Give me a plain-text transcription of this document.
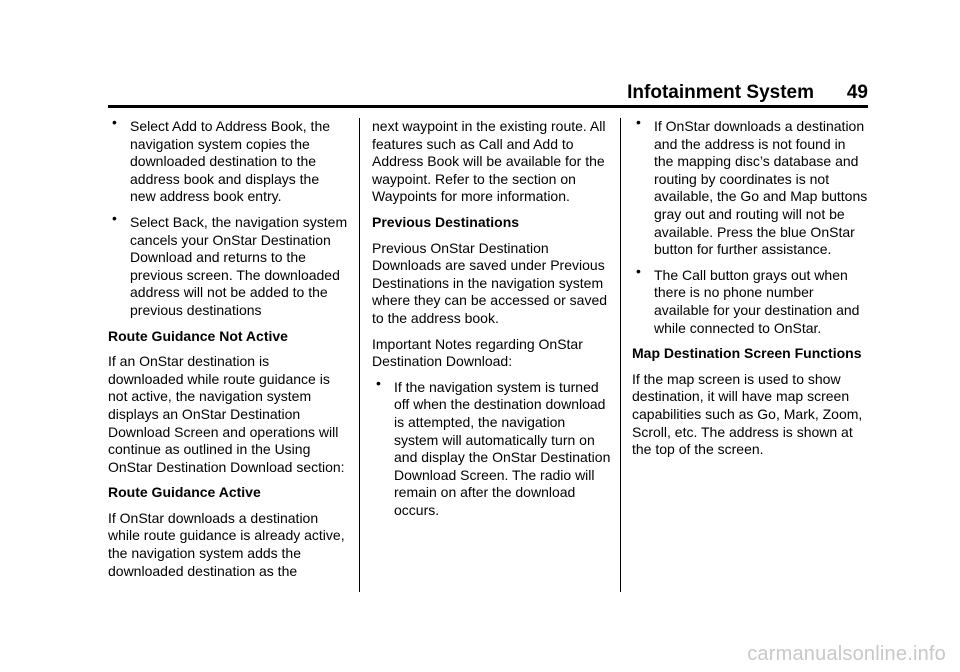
Infotainment System 49
• Select Add to Address Book, the navigation system copies the downloaded destination to the address book and displays the new address book entry.
• Select Back, the navigation system cancels your OnStar Destination Download and returns to the previous screen. The downloaded address will not be added to the previous destinations

Route Guidance Not Active

If an OnStar destination is downloaded while route guidance is not active, the navigation system displays an OnStar Destination Download Screen and operations will continue as outlined in the Using OnStar Destination Download section:

Route Guidance Active

If OnStar downloads a destination while route guidance is already active, the navigation system adds the downloaded destination as the

next waypoint in the existing route. All features such as Call and Add to Address Book will be available for the waypoint. Refer to the section on Waypoints for more information.

Previous Destinations

Previous OnStar Destination Downloads are saved under Previous Destinations in the navigation system where they can be accessed or saved to the address book.

Important Notes regarding OnStar Destination Download:

• If the navigation system is turned off when the destination download is attempted, the navigation system will automatically turn on and display the OnStar Destination Download Screen. The radio will remain on after the download occurs.
• If OnStar downloads a destination and the address is not found in the mapping disc’s database and routing by coordinates is not available, the Go and Map buttons gray out and routing will not be available. Press the blue OnStar button for further assistance.
• The Call button grays out when there is no phone number available for your destination and while connected to OnStar.

Map Destination Screen Functions

If the map screen is used to show destination, it will have map screen capabilities such as Go, Mark, Zoom, Scroll, etc. The address is shown at the top of the screen.

carmanualsonline.info
